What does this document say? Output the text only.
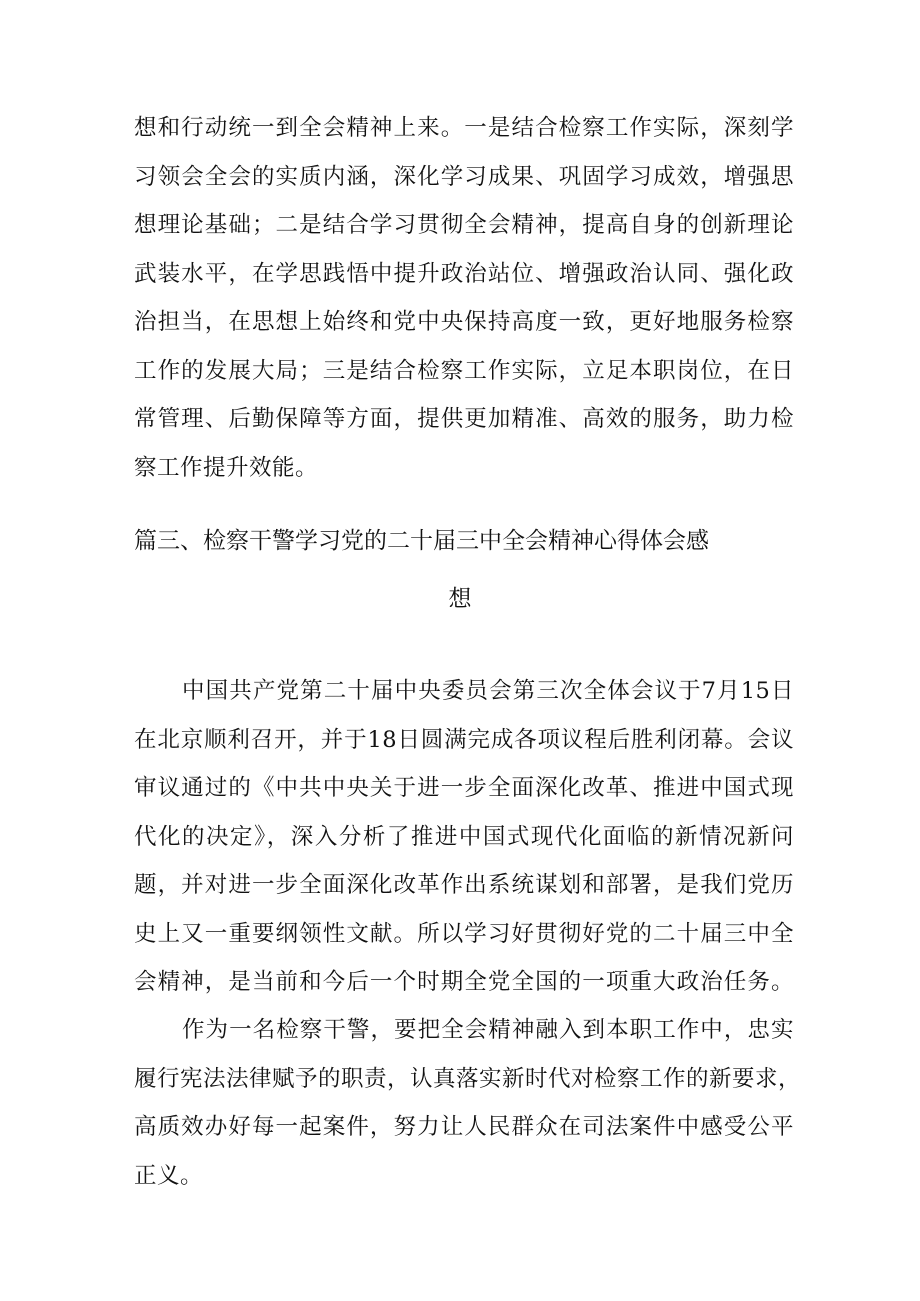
想和行动统一到全会精神上来。一是结合检察工作实际，深刻学
习领会全会的实质内涵，深化学习成果、巩固学习成效，增强思
想理论基础；二是结合学习贯彻全会精神，提高自身的创新理论
武装水平，在学思践悟中提升政治站位、增强政治认同、强化政
治担当，在思想上始终和党中央保持高度一致，更好地服务检察
工作的发展大局；三是结合检察工作实际，立足本职岗位，在日
常管理、后勤保障等方面，提供更加精准、高效的服务，助力检
察工作提升效能。
篇三、检察干警学习党的二十届三中全会精神心得体会感
想
中国共产党第二十届中央委员会第三次全体会议于7月15日
在北京顺利召开，并于18日圆满完成各项议程后胜利闭幕。会议
审议通过的《中共中央关于进一步全面深化改革、推进中国式现
代化的决定》，深入分析了推进中国式现代化面临的新情况新问
题，并对进一步全面深化改革作出系统谋划和部署，是我们党历
史上又一重要纲领性文献。所以学习好贯彻好党的二十届三中全
会精神，是当前和今后一个时期全党全国的一项重大政治任务。
作为一名检察干警，要把全会精神融入到本职工作中，忠实
履行宪法法律赋予的职责，认真落实新时代对检察工作的新要求，
高质效办好每一起案件，努力让人民群众在司法案件中感受公平
正义。
